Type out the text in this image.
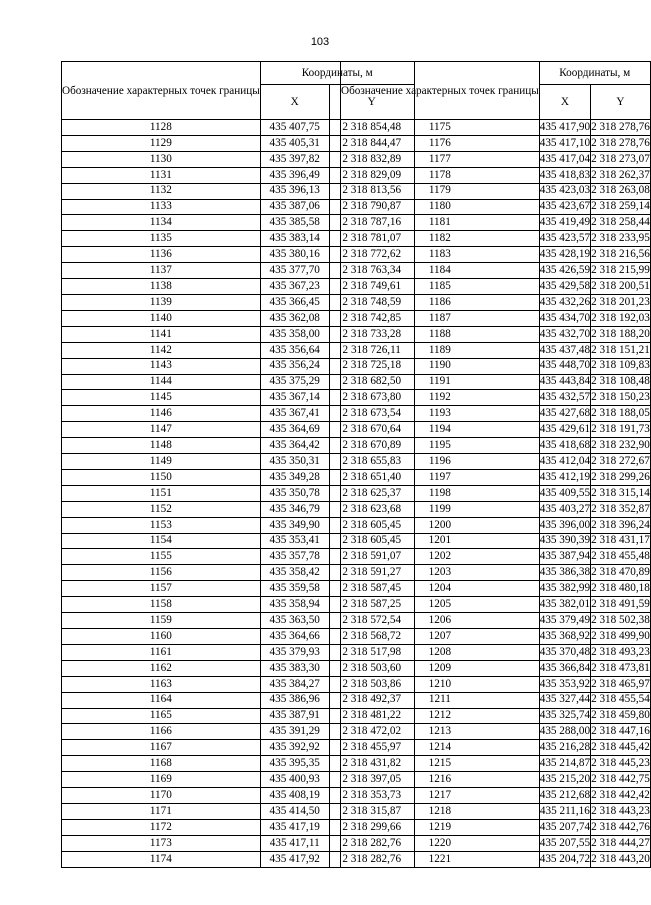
103
Обозначение характерных точек границы	Координаты, м	
	X	Y
1128	435 407,75	2 318 854,48
1129	435 405,31	2 318 844,47
1130	435 397,82	2 318 832,89
1131	435 396,49	2 318 829,09
1132	435 396,13	2 318 813,56
1133	435 387,06	2 318 790,87
1134	435 385,58	2 318 787,16
1135	435 383,14	2 318 781,07
1136	435 380,16	2 318 772,62
1137	435 377,70	2 318 763,34
1138	435 367,23	2 318 749,61
1139	435 366,45	2 318 748,59
1140	435 362,08	2 318 742,85
1141	435 358,00	2 318 733,28
1142	435 356,64	2 318 726,11
1143	435 356,24	2 318 725,18
1144	435 375,29	2 318 682,50
1145	435 367,14	2 318 673,80
1146	435 367,41	2 318 673,54
1147	435 364,69	2 318 670,64
1148	435 364,42	2 318 670,89
1149	435 350,31	2 318 655,83
1150	435 349,28	2 318 651,40
1151	435 350,78	2 318 625,37
1152	435 346,79	2 318 623,68
1153	435 349,90	2 318 605,45
1154	435 353,41	2 318 605,45
1155	435 357,78	2 318 591,07
1156	435 358,42	2 318 591,27
1157	435 359,58	2 318 587,45
1158	435 358,94	2 318 587,25
1159	435 363,50	2 318 572,54
1160	435 364,66	2 318 568,72
1161	435 379,93	2 318 517,98
1162	435 383,30	2 318 503,60
1163	435 384,27	2 318 503,86
1164	435 386,96	2 318 492,37
1165	435 387,91	2 318 481,22
1166	435 391,29	2 318 472,02
1167	435 392,92	2 318 455,97
1168	435 395,35	2 318 431,82
1169	435 400,93	2 318 397,05
1170	435 408,19	2 318 353,73
1171	435 414,50	2 318 315,87
1172	435 417,19	2 318 299,66
1173	435 417,11	2 318 282,76
1174	435 417,92	2 318 282,76
Обозначение характерных точек границы	Координаты, м	
	X	Y
1175	435 417,90	2 318 278,76
1176	435 417,10	2 318 278,76
1177	435 417,04	2 318 273,07
1178	435 418,83	2 318 262,37
1179	435 423,03	2 318 263,08
1180	435 423,67	2 318 259,14
1181	435 419,49	2 318 258,44
1182	435 423,57	2 318 233,95
1183	435 428,19	2 318 216,56
1184	435 426,59	2 318 215,99
1185	435 429,58	2 318 200,51
1186	435 432,26	2 318 201,23
1187	435 434,70	2 318 192,03
1188	435 432,70	2 318 188,20
1189	435 437,48	2 318 151,21
1190	435 448,70	2 318 109,83
1191	435 443,84	2 318 108,48
1192	435 432,57	2 318 150,23
1193	435 427,68	2 318 188,05
1194	435 429,61	2 318 191,73
1195	435 418,68	2 318 232,90
1196	435 412,04	2 318 272,67
1197	435 412,19	2 318 299,26
1198	435 409,55	2 318 315,14
1199	435 403,27	2 318 352,87
1200	435 396,00	2 318 396,24
1201	435 390,39	2 318 431,17
1202	435 387,94	2 318 455,48
1203	435 386,38	2 318 470,89
1204	435 382,99	2 318 480,18
1205	435 382,01	2 318 491,59
1206	435 379,49	2 318 502,38
1207	435 368,92	2 318 499,90
1208	435 370,48	2 318 493,23
1209	435 366,84	2 318 473,81
1210	435 353,92	2 318 465,97
1211	435 327,44	2 318 455,54
1212	435 325,74	2 318 459,80
1213	435 288,00	2 318 447,16
1214	435 216,28	2 318 445,42
1215	435 214,87	2 318 445,23
1216	435 215,20	2 318 442,75
1217	435 212,68	2 318 442,42
1218	435 211,16	2 318 443,23
1219	435 207,74	2 318 442,76
1220	435 207,55	2 318 444,27
1221	435 204,72	2 318 443,20
